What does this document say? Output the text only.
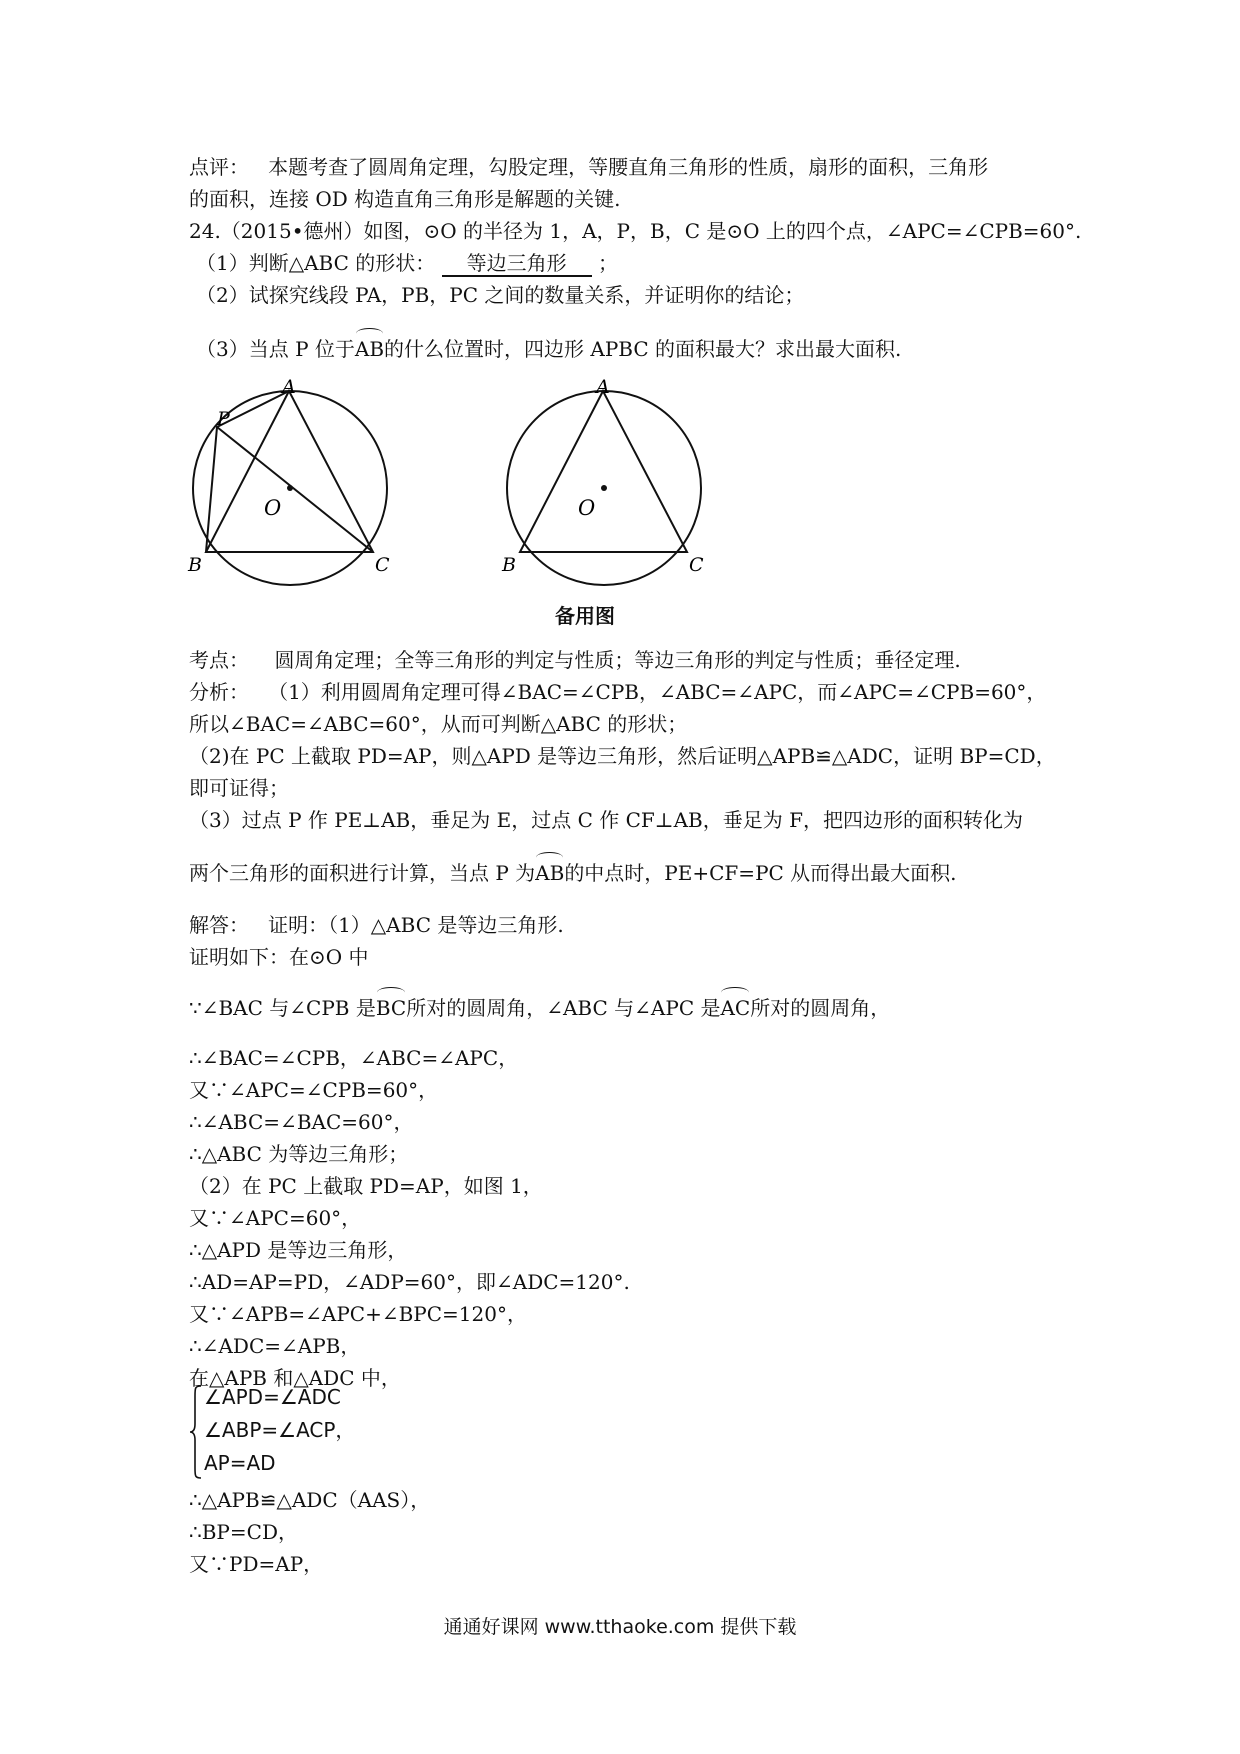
点评： 本题考查了圆周角定理，勾股定理，等腰直角三角形的性质，扇形的面积，三角形
的面积，连接 OD 构造直角三角形是解题的关键.
24.（2015•德州）如图，⊙O 的半径为 1，A，P，B，C 是⊙O 上的四个点，∠APC=∠CPB=60°.
（1）判断△ABC 的形状： 等边三角形 ；
（2）试探究线段 PA，PB，PC 之间的数量关系，并证明你的结论；
（3）当点 P 位于AB的什么位置时，四边形 APBC 的面积最大？求出最大面积.
A
P
B	C
O
A
B	C
O
备用图
考点： 圆周角定理；全等三角形的判定与性质；等边三角形的判定与性质；垂径定理.
分析： （1）利用圆周角定理可得∠BAC=∠CPB，∠ABC=∠APC，而∠APC=∠CPB=60°，
所以∠BAC=∠ABC=60°，从而可判断△ABC 的形状；
（2)在 PC 上截取 PD=AP，则△APD 是等边三角形，然后证明△APB≌△ADC，证明 BP=CD，
即可证得；
（3）过点 P 作 PE⊥AB，垂足为 E，过点 C 作 CF⊥AB，垂足为 F，把四边形的面积转化为
两个三角形的面积进行计算，当点 P 为AB的中点时，PE+CF=PC 从而得出最大面积.
解答： 证明：（1）△ABC 是等边三角形.
证明如下：在⊙O 中
∵∠BAC 与∠CPB 是BC所对的圆周角，∠ABC 与∠APC 是AC所对的圆周角，
∴∠BAC=∠CPB，∠ABC=∠APC，
又∵∠APC=∠CPB=60°，
∴∠ABC=∠BAC=60°，
∴△ABC 为等边三角形；
（2）在 PC 上截取 PD=AP，如图 1，
又∵∠APC=60°，
∴△APD 是等边三角形，
∴AD=AP=PD，∠ADP=60°，即∠ADC=120°.
又∵∠APB=∠APC+∠BPC=120°，
∴∠ADC=∠APB，
在△APB 和△ADC 中，
∠APD=∠ADC
∠ABP=∠ACP，
AP=AD
∴△APB≌△ADC（AAS），
∴BP=CD，
又∵PD=AP，
通通好课网 www.tthaoke.com 提供下载
